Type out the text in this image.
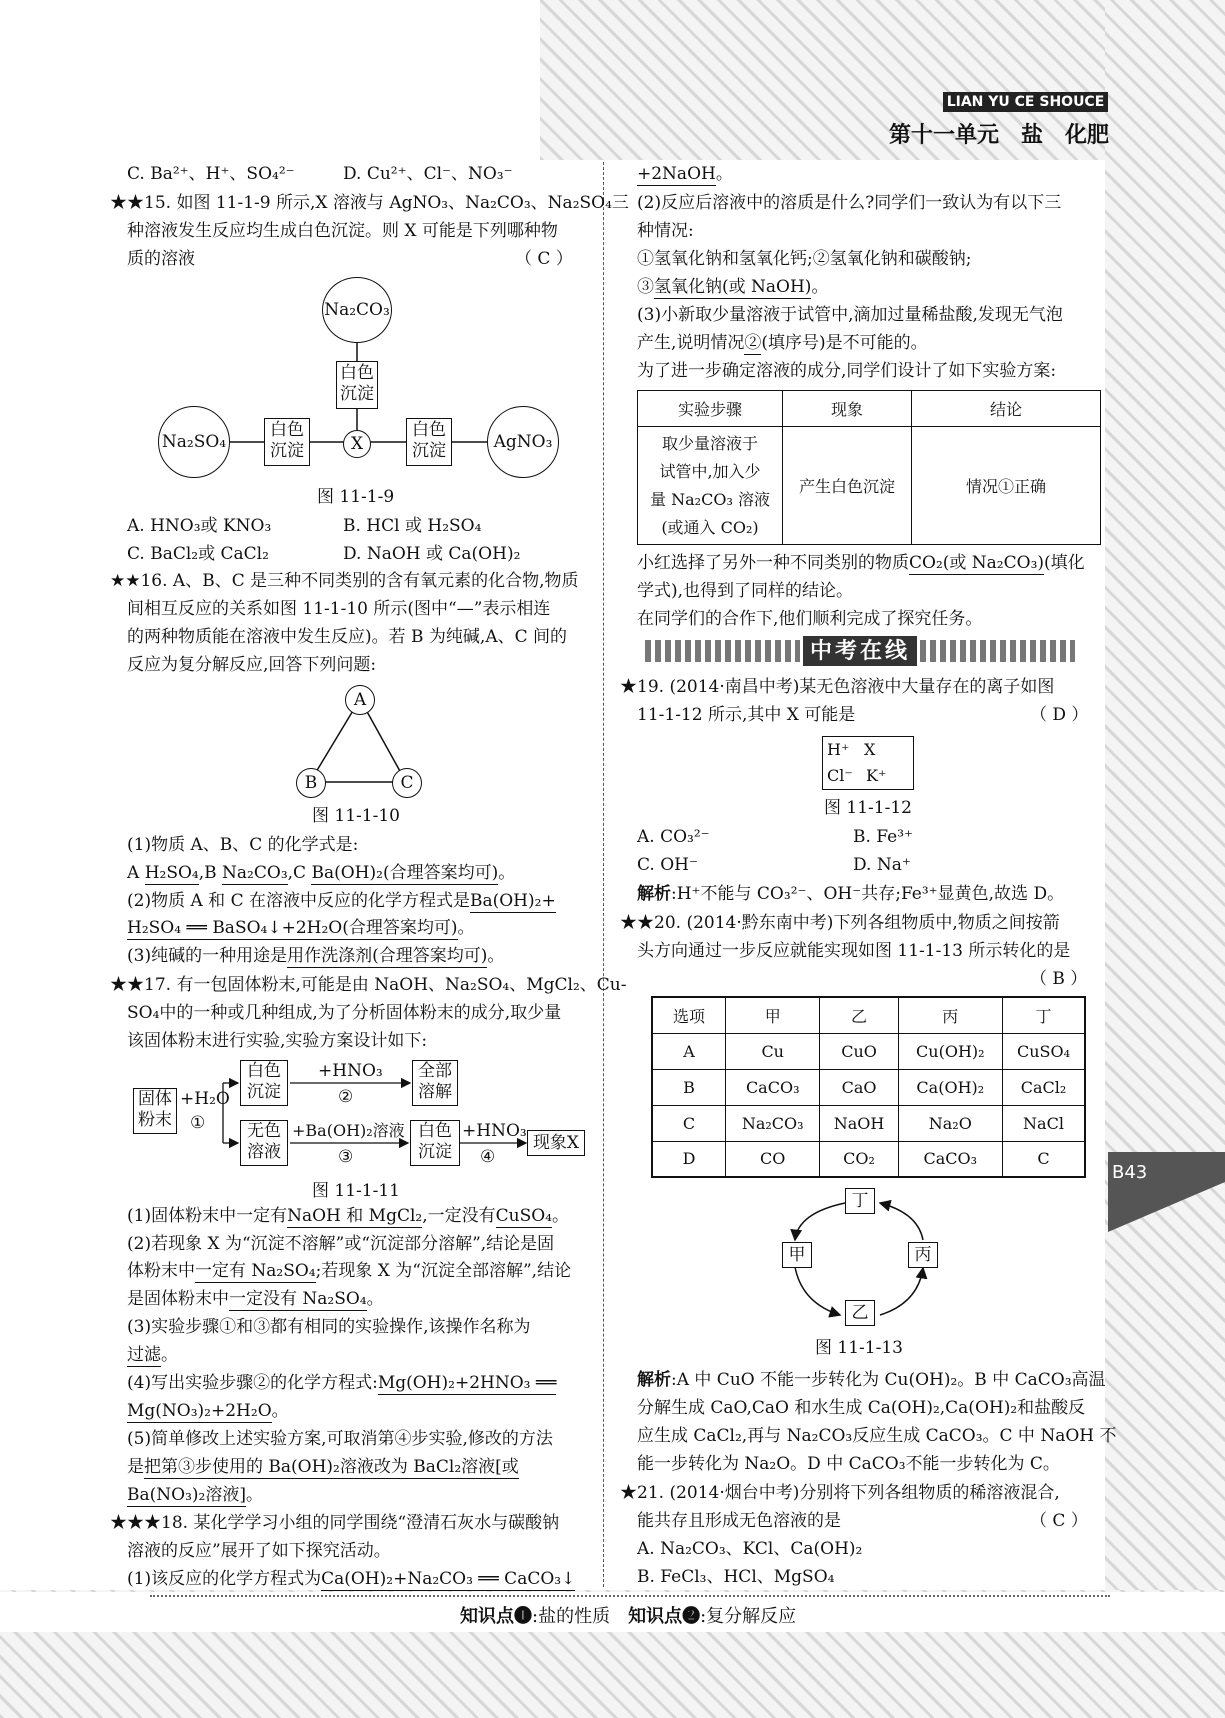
LIAN YU CE SHOUCE
第十一单元　盐　化肥
B43
C. Ba²⁺、H⁺、SO₄²⁻	D. Cu²⁺、Cl⁻、NO₃⁻
★★15. 如图 11-1-9 所示,X 溶液与 AgNO₃、Na₂CO₃、Na₂SO₄三
种溶液发生反应均生成白色沉淀。则 X 可能是下列哪种物
质的溶液	（ C ）
Na₂CO₃
Na₂SO₄	AgNO₃
X
白色
沉淀
白色
沉淀
白色
沉淀
图 11-1-9
A. HNO₃或 KNO₃	B. HCl 或 H₂SO₄
C. BaCl₂或 CaCl₂	D. NaOH 或 Ca(OH)₂
★★16. A、B、C 是三种不同类别的含有氧元素的化合物,物质
间相互反应的关系如图 11-1-10 所示(图中“—”表示相连
的两种物质能在溶液中发生反应)。若 B 为纯碱,A、C 间的
反应为复分解反应,回答下列问题:
A
B	C
图 11-1-10
(1)物质 A、B、C 的化学式是:
A H₂SO₄,B Na₂CO₃,C Ba(OH)₂(合理答案均可)。
(2)物质 A 和 C 在溶液中反应的化学方程式是Ba(OH)₂+
H₂SO₄ ══ BaSO₄↓+2H₂O(合理答案均可)。
(3)纯碱的一种用途是用作洗涤剂(合理答案均可)。
★★17. 有一包固体粉末,可能是由 NaOH、Na₂SO₄、MgCl₂、Cu-
SO₄中的一种或几种组成,为了分析固体粉末的成分,取少量
该固体粉末进行实验,实验方案设计如下:
固体
粉末
+H₂O
①
白色
沉淀
+HNO₃
②
全部
溶解
无色
溶液
+Ba(OH)₂溶液
③
白色
沉淀
+HNO₃
④
现象X
图 11-1-11
(1)固体粉末中一定有NaOH 和 MgCl₂,一定没有CuSO₄。
(2)若现象 X 为“沉淀不溶解”或“沉淀部分溶解”,结论是固
体粉末中一定有 Na₂SO₄;若现象 X 为“沉淀全部溶解”,结论
是固体粉末中一定没有 Na₂SO₄。
(3)实验步骤①和③都有相同的实验操作,该操作名称为
过滤。
(4)写出实验步骤②的化学方程式:Mg(OH)₂+2HNO₃ ══
Mg(NO₃)₂+2H₂O。
(5)简单修改上述实验方案,可取消第④步实验,修改的方法
是把第③步使用的 Ba(OH)₂溶液改为 BaCl₂溶液[或
Ba(NO₃)₂溶液]。
★★★18. 某化学学习小组的同学围绕“澄清石灰水与碳酸钠
溶液的反应”展开了如下探究活动。
(1)该反应的化学方程式为Ca(OH)₂+Na₂CO₃ ══ CaCO₃↓
+2NaOH。
(2)反应后溶液中的溶质是什么?同学们一致认为有以下三
种情况:
①氢氧化钠和氢氧化钙;②氢氧化钠和碳酸钠;
③氢氧化钠(或 NaOH)。
(3)小新取少量溶液于试管中,滴加过量稀盐酸,发现无气泡
产生,说明情况②(填序号)是不可能的。
为了进一步确定溶液的成分,同学们设计了如下实验方案:
实验步骤	现象	结论

取少量溶液于
试管中,加入少
量 Na₂CO₃ 溶液
(或通入 CO₂)	产生白色沉淀	情况①正确
小红选择了另外一种不同类别的物质CO₂(或 Na₂CO₃)(填化
学式),也得到了同样的结论。
在同学们的合作下,他们顺利完成了探究任务。
中考在线
★19. (2014·南昌中考)某无色溶液中大量存在的离子如图
11-1-12 所示,其中 X 可能是	（ D ）
H⁺ X
Cl⁻ K⁺
图 11-1-12
A. CO₃²⁻	B. Fe³⁺
C. OH⁻	D. Na⁺
解析:H⁺不能与 CO₃²⁻、OH⁻共存;Fe³⁺显黄色,故选 D。
★★20. (2014·黔东南中考)下列各组物质中,物质之间按箭
头方向通过一步反应就能实现如图 11-1-13 所示转化的是
（ B ）
选项	甲	乙	丙	丁
A	Cu	CuO	Cu(OH)₂	CuSO₄
B	CaCO₃	CaO	Ca(OH)₂	CaCl₂
C	Na₂CO₃	NaOH	Na₂O	NaCl
D	CO	CO₂	CaCO₃	C
丁
甲	丙
乙
图 11-1-13
解析:A 中 CuO 不能一步转化为 Cu(OH)₂。B 中 CaCO₃高温
分解生成 CaO,CaO 和水生成 Ca(OH)₂,Ca(OH)₂和盐酸反
应生成 CaCl₂,再与 Na₂CO₃反应生成 CaCO₃。C 中 NaOH 不
能一步转化为 Na₂O。D 中 CaCO₃不能一步转化为 C。
★21. (2014·烟台中考)分别将下列各组物质的稀溶液混合,
能共存且形成无色溶液的是	（ C ）
A. Na₂CO₃、KCl、Ca(OH)₂
B. FeCl₃、HCl、MgSO₄
知识点❶:盐的性质　 知识点❷:复分解反应
